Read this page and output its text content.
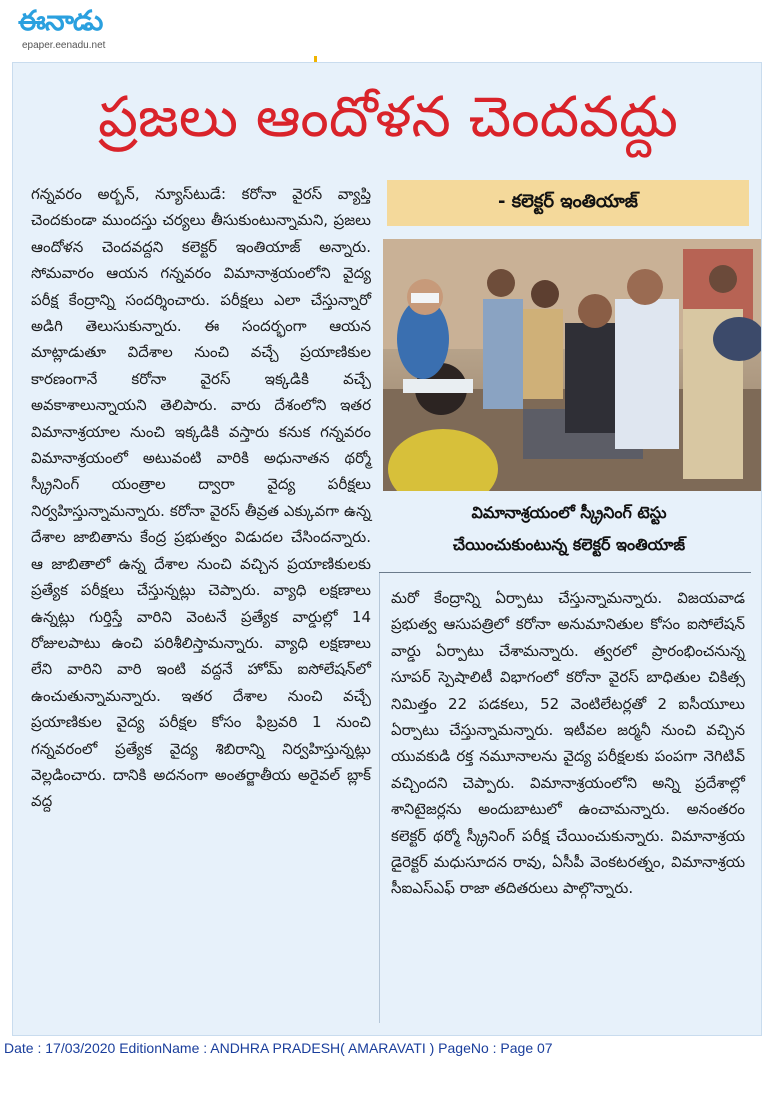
ఈనాడు
epaper.eenadu.net
ప్రజలు ఆందోళన చెందవద్దు
- కలెక్టర్ ఇంతియాజ్

గన్నవరం అర్బన్, న్యూస్‌టుడే: కరోనా వైరస్ వ్యాప్తి చెందకుండా ముందస్తు చర్యలు తీసుకుంటున్నామని, ప్రజలు ఆందోళన చెందవద్దని కలెక్టర్ ఇంతియాజ్ అన్నారు. సోమవారం ఆయన గన్నవరం విమానాశ్రయంలోని వైద్య పరీక్ష కేంద్రాన్ని సందర్శించారు. పరీక్షలు ఎలా చేస్తున్నారో అడిగి తెలుసుకున్నారు. ఈ సందర్భంగా ఆయన మాట్లాడుతూ విదేశాల నుంచి వచ్చే ప్రయాణికుల కారణంగానే కరోనా వైరస్ ఇక్కడికి వచ్చే అవకాశాలున్నాయని తెలిపారు. వారు దేశంలోని ఇతర విమానాశ్రయాల నుంచి ఇక్కడికి వస్తారు కనుక గన్నవరం విమానాశ్రయంలో అటువంటి వారికి అధునాతన థర్మో స్క్రీనింగ్ యంత్రాల ద్వారా వైద్య పరీక్షలు నిర్వహిస్తున్నామన్నారు. కరోనా వైరస్ తీవ్రత ఎక్కువగా ఉన్న దేశాల జాబితాను కేంద్ర ప్రభుత్వం విడుదల చేసిందన్నారు. ఆ జాబితాలో ఉన్న దేశాల నుంచి వచ్చిన ప్రయాణికులకు ప్రత్యేక పరీక్షలు చేస్తున్నట్లు చెప్పారు. వ్యాధి లక్షణాలు ఉన్నట్లు గుర్తిస్తే వారిని వెంటనే ప్రత్యేక వార్డుల్లో 14 రోజులపాటు ఉంచి పరిశీలిస్తామన్నారు. వ్యాధి లక్షణాలు లేని వారిని వారి ఇంటి వద్దనే హోమ్ ఐసోలేషన్‌లో ఉంచుతున్నామన్నారు. ఇతర దేశాల నుంచి వచ్చే ప్రయాణికుల వైద్య పరీక్షల కోసం ఫిబ్రవరి 1 నుంచి గన్నవరంలో ప్రత్యేక వైద్య శిబిరాన్ని నిర్వహిస్తున్నట్లు వెల్లడించారు. దానికి అదనంగా అంతర్జాతీయ అరైవల్ బ్లాక్ వద్ద

విమానాశ్రయంలో స్క్రీనింగ్ టెస్టు
చేయించుకుంటున్న కలెక్టర్ ఇంతియాజ్

మరో కేంద్రాన్ని ఏర్పాటు చేస్తున్నామన్నారు. విజయవాడ ప్రభుత్వ ఆసుపత్రిలో కరోనా అనుమానితుల కోసం ఐసోలేషన్ వార్డు ఏర్పాటు చేశామన్నారు. త్వరలో ప్రారంభించనున్న సూపర్ స్పెషాలిటీ విభాగంలో కరోనా వైరస్ బాధితుల చికిత్స నిమిత్తం 22 పడకలు, 52 వెంటిలేటర్లతో 2 ఐసీయూలు ఏర్పాటు చేస్తున్నామన్నారు. ఇటీవల జర్మనీ నుంచి వచ్చిన యువకుడి రక్త నమూనాలను వైద్య పరీక్షలకు పంపగా నెగిటివ్ వచ్చిందని చెప్పారు. విమానాశ్రయంలోని అన్ని ప్రదేశాల్లో శానిటైజర్లను అందుబాటులో ఉంచామన్నారు. అనంతరం కలెక్టర్ థర్మో స్క్రీనింగ్ పరీక్ష చేయించుకున్నారు. విమానాశ్రయ డైరెక్టర్ మధుసూదన రావు, ఏసీపీ వెంకటరత్నం, విమానాశ్రయ సీఐఎస్ఎఫ్ రాజా తదితరులు పాల్గొన్నారు.

Date : 17/03/2020 EditionName : ANDHRA PRADESH( AMARAVATI ) PageNo : Page 07
